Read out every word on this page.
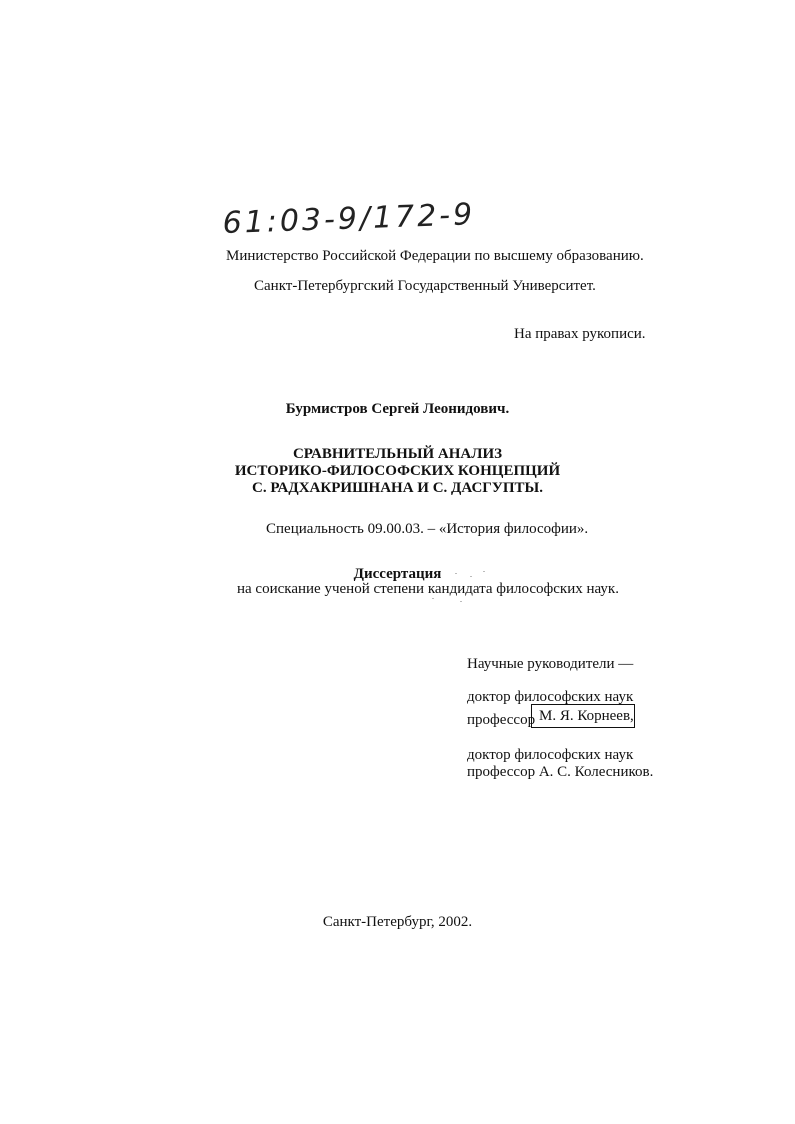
61:03-9/172-9
Министерство Российской Федерации по высшему образованию.
Санкт-Петербургский Государственный Университет.
На правах рукописи.
Бурмистров Сергей Леонидович.
СРАВНИТЕЛЬНЫЙ АНАЛИЗ
ИСТОРИКО-ФИЛОСОФСКИХ КОНЦЕПЦИЙ
С. РАДХАКРИШНАНА И С. ДАСГУПТЫ.
Специальность 09.00.03. – «История философии».
Диссертация
на соискание ученой степени кандидата философских наук.
Научные руководители —
доктор философских наук
профессор М. Я. Корнеев,
доктор философских наук
профессор А. С. Колесников.
Санкт-Петербург, 2002.
